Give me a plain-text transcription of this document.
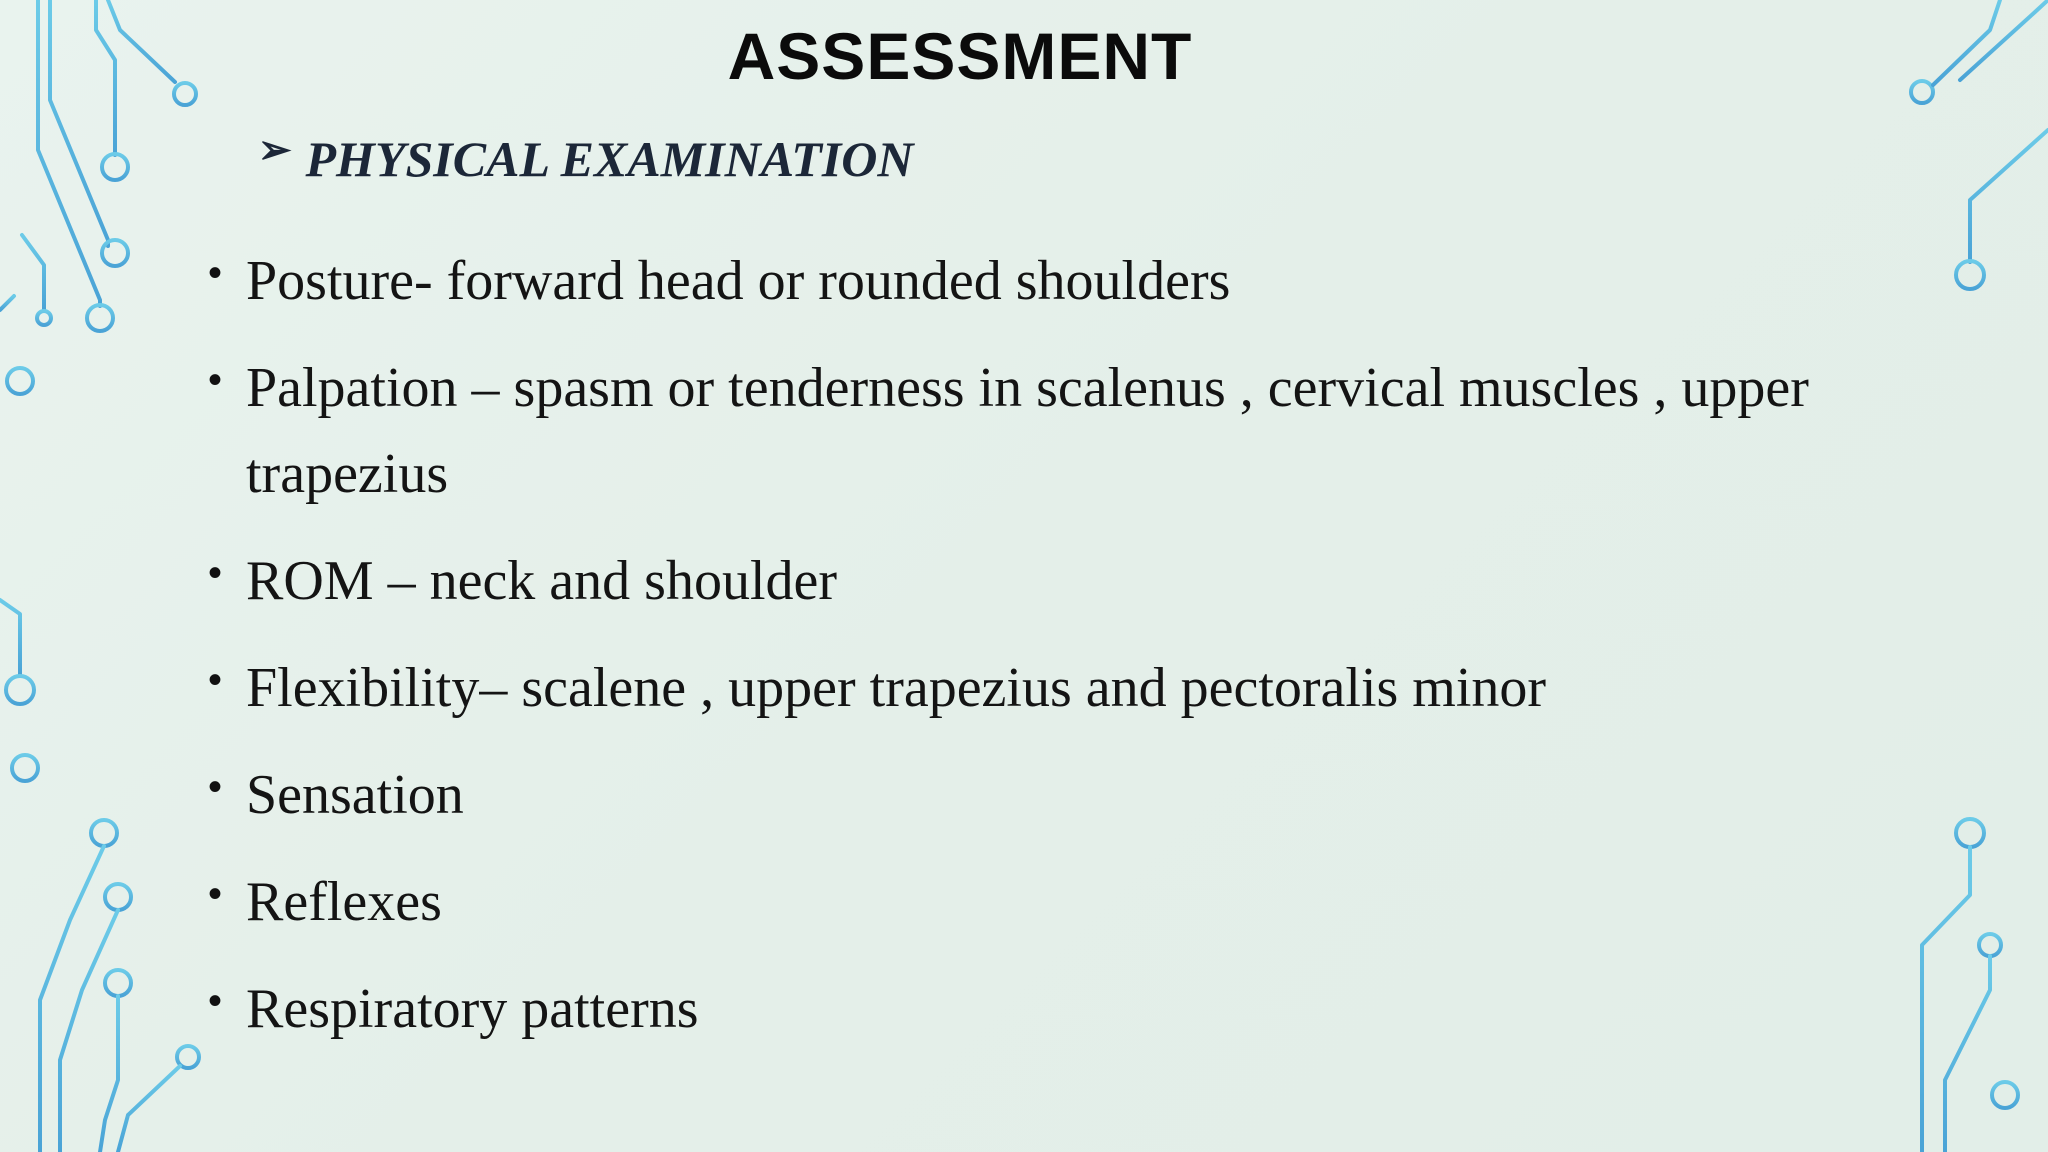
ASSESSMENT
➢ PHYSICAL EXAMINATION
• Posture- forward head or rounded shoulders
• Palpation – spasm or tenderness in scalenus , cervical muscles , upper trapezius
• ROM – neck and shoulder
• Flexibility– scalene , upper trapezius and pectoralis minor
• Sensation
• Reflexes
• Respiratory patterns
